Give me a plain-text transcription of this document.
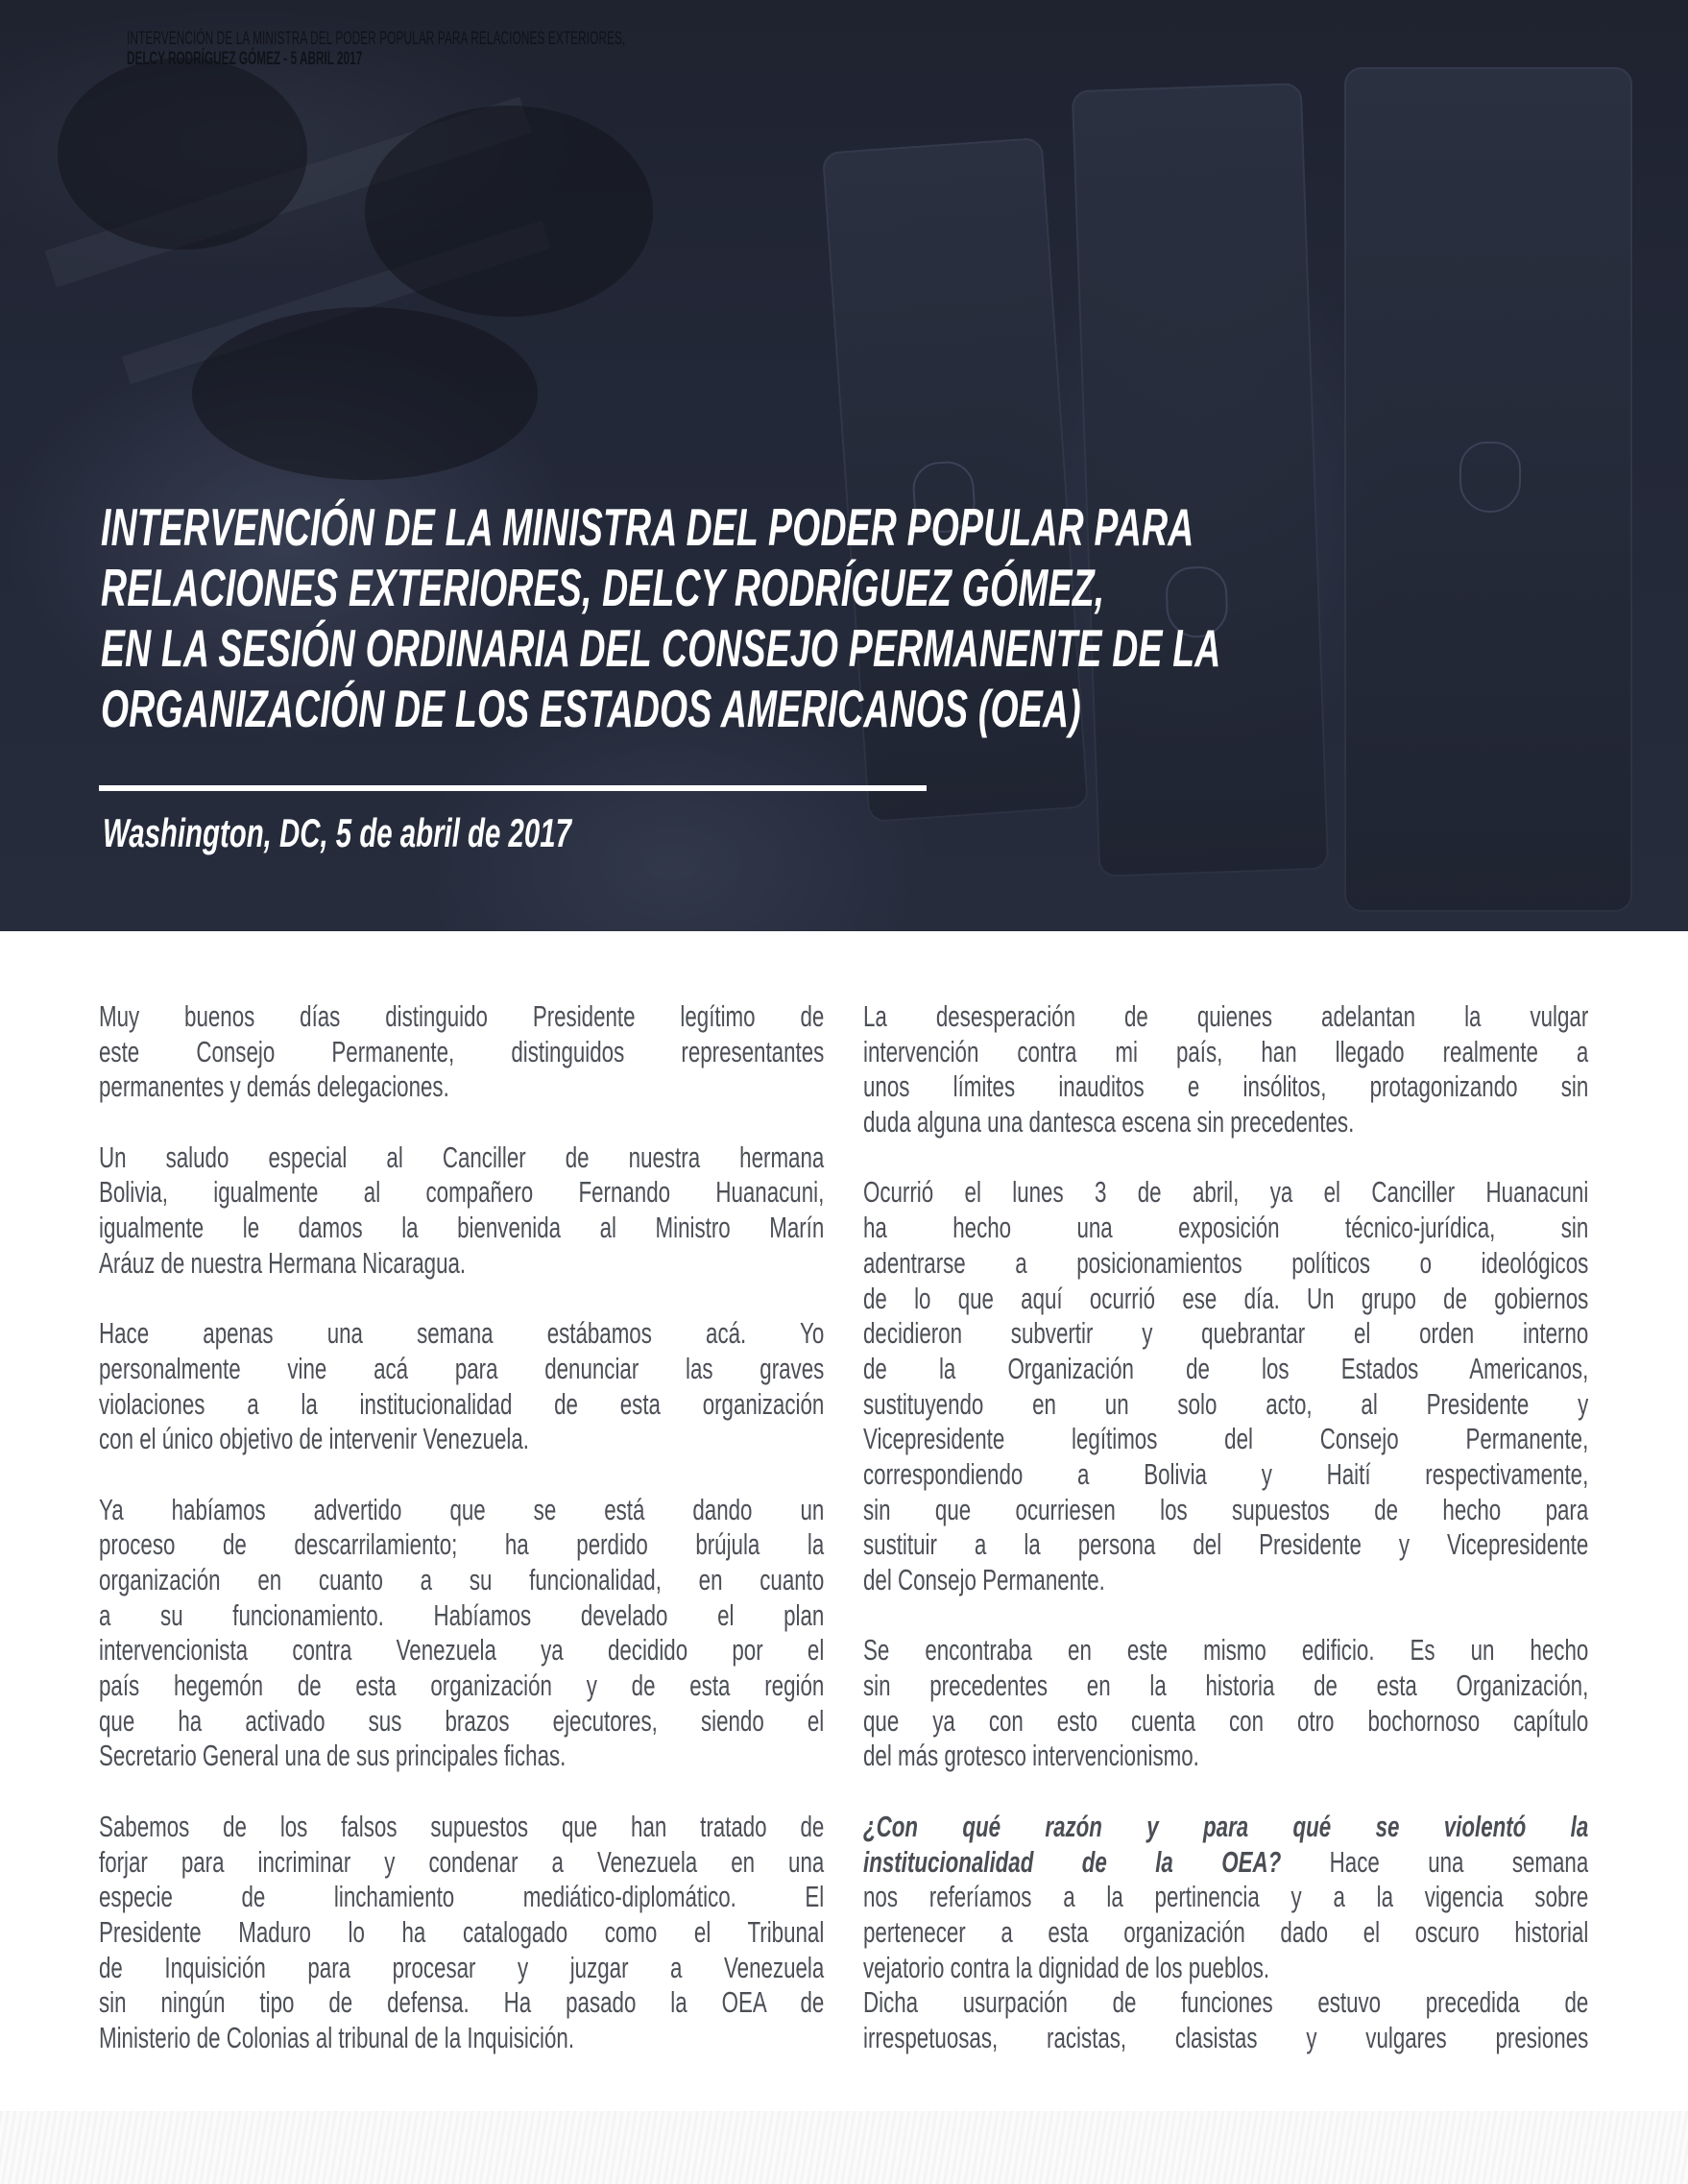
INTERVENCIÓN DE LA MINISTRA DEL PODER POPULAR PARA RELACIONES EXTERIORES,
DELCY RODRÍGUEZ GÓMEZ - 5 ABRIL 2017
INTERVENCIÓN DE LA MINISTRA DEL PODER POPULAR PARA
RELACIONES EXTERIORES, DELCY RODRÍGUEZ GÓMEZ,
EN LA SESIÓN ORDINARIA DEL CONSEJO PERMANENTE DE LA
ORGANIZACIÓN DE LOS ESTADOS AMERICANOS (OEA)
Washington, DC, 5 de abril de 2017

Muy buenos días distinguido Presidente legítimo de
este Consejo Permanente, distinguidos representantes
permanentes y demás delegaciones.

Un saludo especial al Canciller de nuestra hermana
Bolivia, igualmente al compañero Fernando Huanacuni,
igualmente le damos la bienvenida al Ministro Marín
Aráuz de nuestra Hermana Nicaragua.

Hace apenas una semana estábamos acá. Yo
personalmente vine acá para denunciar las graves
violaciones a la institucionalidad de esta organización
con el único objetivo de intervenir Venezuela.

Ya habíamos advertido que se está dando un
proceso de descarrilamiento; ha perdido brújula la
organización en cuanto a su funcionalidad, en cuanto
a su funcionamiento. Habíamos develado el plan
intervencionista contra Venezuela ya decidido por el
país hegemón de esta organización y de esta región
que ha activado sus brazos ejecutores, siendo el
Secretario General una de sus principales fichas.

Sabemos de los falsos supuestos que han tratado de
forjar para incriminar y condenar a Venezuela en una
especie de linchamiento mediático-diplomático. El
Presidente Maduro lo ha catalogado como el Tribunal
de Inquisición para procesar y juzgar a Venezuela
sin ningún tipo de defensa. Ha pasado la OEA de
Ministerio de Colonias al tribunal de la Inquisición.

La desesperación de quienes adelantan la vulgar
intervención contra mi país, han llegado realmente a
unos límites inauditos e insólitos, protagonizando sin
duda alguna una dantesca escena sin precedentes.

Ocurrió el lunes 3 de abril, ya el Canciller Huanacuni
ha hecho una exposición técnico-jurídica, sin
adentrarse a posicionamientos políticos o ideológicos
de lo que aquí ocurrió ese día. Un grupo de gobiernos
decidieron subvertir y quebrantar el orden interno
de la Organización de los Estados Americanos,
sustituyendo en un solo acto, al Presidente y
Vicepresidente legítimos del Consejo Permanente,
correspondiendo a Bolivia y Haití respectivamente,
sin que ocurriesen los supuestos de hecho para
sustituir a la persona del Presidente y Vicepresidente
del Consejo Permanente.

Se encontraba en este mismo edificio. Es un hecho
sin precedentes en la historia de esta Organización,
que ya con esto cuenta con otro bochornoso capítulo
del más grotesco intervencionismo.

¿Con qué razón y para qué se violentó la
institucionalidad de la OEA? Hace una semana
nos referíamos a la pertinencia y a la vigencia sobre
pertenecer a esta organización dado el oscuro historial
vejatorio contra la dignidad de los pueblos.

Dicha usurpación de funciones estuvo precedida de
irrespetuosas, racistas, clasistas y vulgares presiones
